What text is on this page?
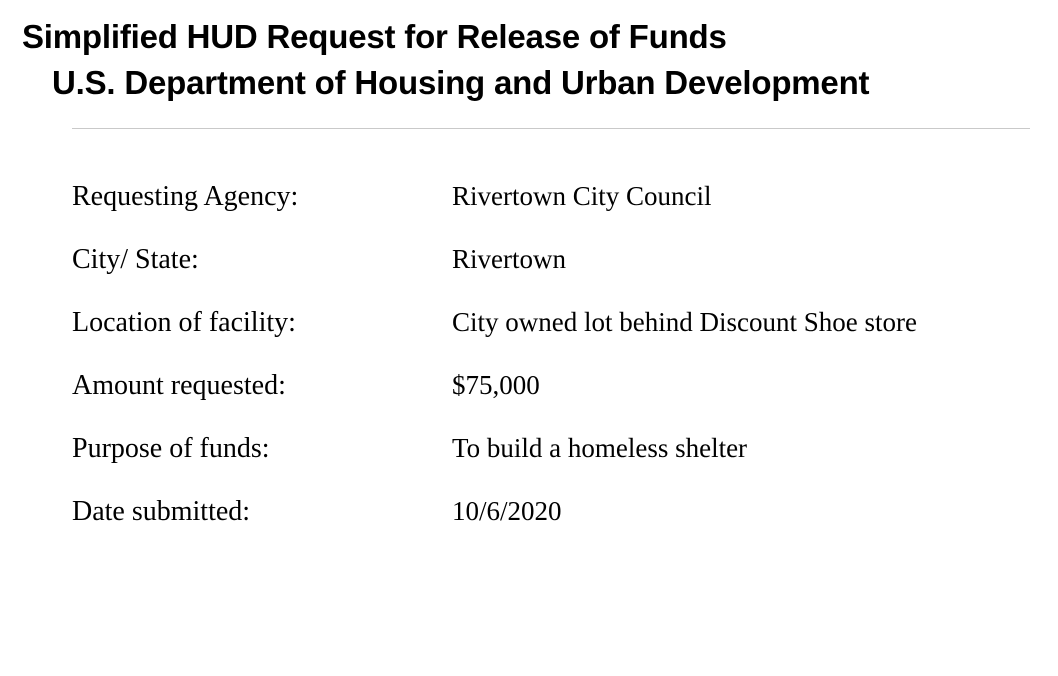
Simplified HUD Request for Release of Funds
U.S. Department of Housing and Urban Development
Requesting Agency:	Rivertown City Council
City/ State:	Rivertown
Location of facility:	City owned lot behind Discount Shoe store
Amount requested:	$75,000
Purpose of funds:	To build a homeless shelter
Date submitted:	10/6/2020
